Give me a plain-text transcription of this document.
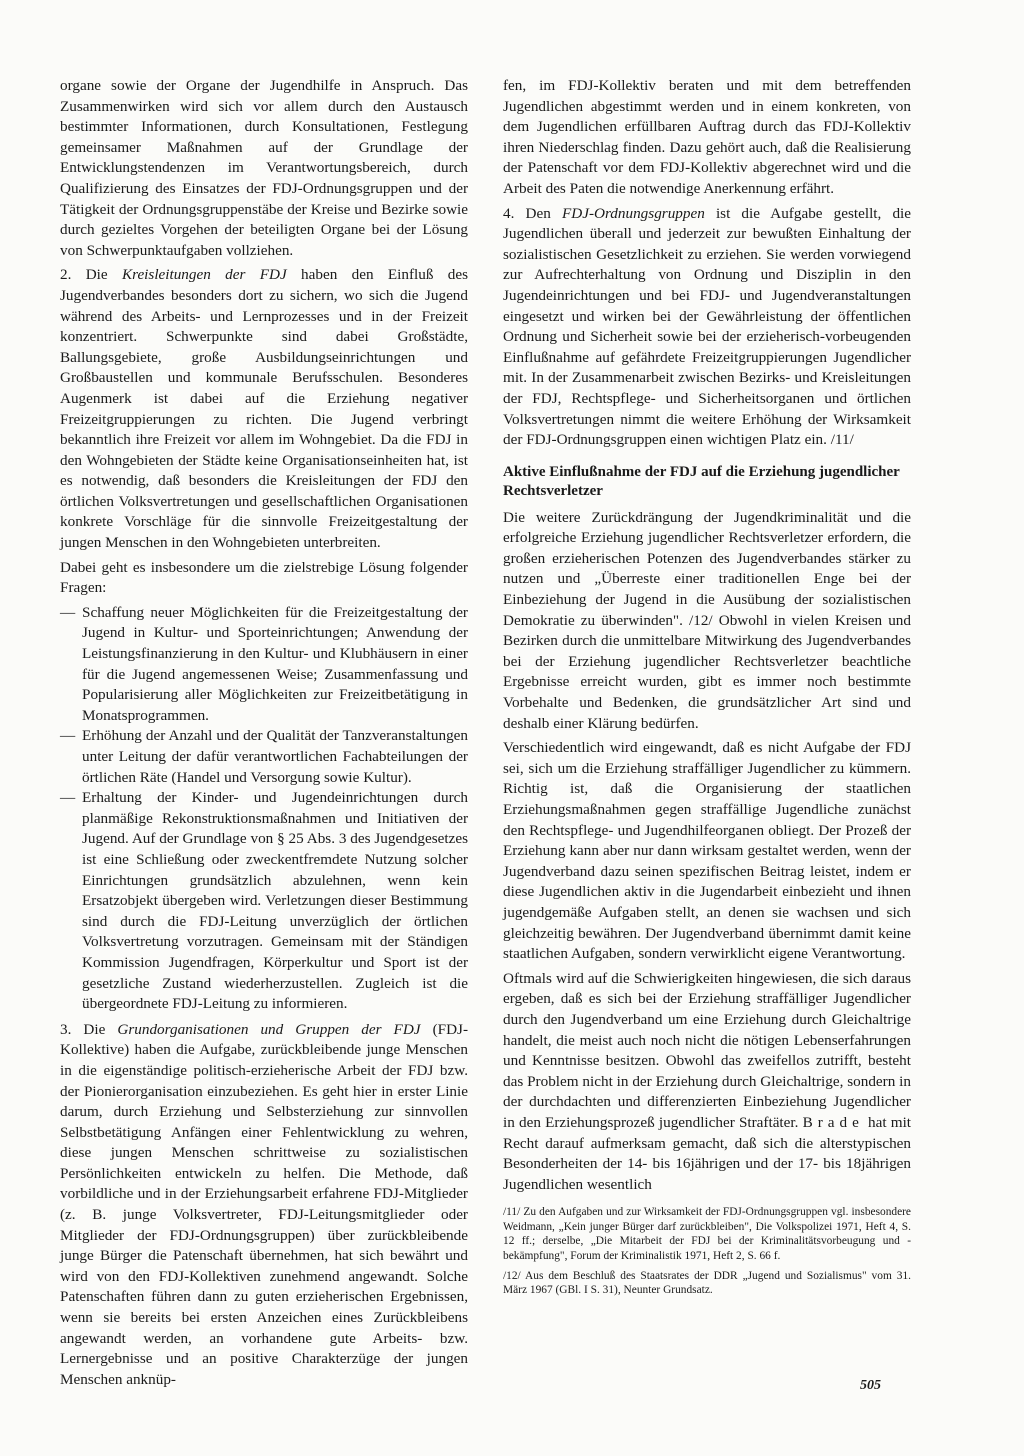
organe sowie der Organe der Jugendhilfe in Anspruch. Das Zusammenwirken wird sich vor allem durch den Austausch bestimmter Informationen, durch Konsultationen, Festlegung gemeinsamer Maßnahmen auf der Grundlage der Entwicklungstendenzen im Verantwortungsbereich, durch Qualifizierung des Einsatzes der FDJ-Ordnungsgruppen und der Tätigkeit der Ordnungsgruppenstäbe der Kreise und Bezirke sowie durch gezieltes Vorgehen der beteiligten Organe bei der Lösung von Schwerpunktaufgaben vollziehen.

2. Die Kreisleitungen der FDJ haben den Einfluß des Jugendverbandes besonders dort zu sichern, wo sich die Jugend während des Arbeits- und Lernprozesses und in der Freizeit konzentriert. Schwerpunkte sind dabei Großstädte, Ballungsgebiete, große Ausbildungseinrichtungen und Großbaustellen und kommunale Berufsschulen. Besonderes Augenmerk ist dabei auf die Erziehung negativer Freizeitgruppierungen zu richten. Die Jugend verbringt bekanntlich ihre Freizeit vor allem im Wohngebiet. Da die FDJ in den Wohngebieten der Städte keine Organisationseinheiten hat, ist es notwendig, daß besonders die Kreisleitungen der FDJ den örtlichen Volksvertretungen und gesellschaftlichen Organisationen konkrete Vorschläge für die sinnvolle Freizeitgestaltung der jungen Menschen in den Wohngebieten unterbreiten.

Dabei geht es insbesondere um die zielstrebige Lösung folgender Fragen:

— Schaffung neuer Möglichkeiten für die Freizeitgestaltung der Jugend in Kultur- und Sporteinrichtungen; Anwendung der Leistungsfinanzierung in den Kultur- und Klubhäusern in einer für die Jugend angemessenen Weise; Zusammenfassung und Popularisierung aller Möglichkeiten zur Freizeitbetätigung in Monatsprogrammen.
— Erhöhung der Anzahl und der Qualität der Tanzveranstaltungen unter Leitung der dafür verantwortlichen Fachabteilungen der örtlichen Räte (Handel und Versorgung sowie Kultur).
— Erhaltung der Kinder- und Jugendeinrichtungen durch planmäßige Rekonstruktionsmaßnahmen und Initiativen der Jugend. Auf der Grundlage von § 25 Abs. 3 des Jugendgesetzes ist eine Schließung oder zweckentfremdete Nutzung solcher Einrichtungen grundsätzlich abzulehnen, wenn kein Ersatzobjekt übergeben wird. Verletzungen dieser Bestimmung sind durch die FDJ-Leitung unverzüglich der örtlichen Volksvertretung vorzutragen. Gemeinsam mit der Ständigen Kommission Jugendfragen, Körperkultur und Sport ist der gesetzliche Zustand wiederherzustellen. Zugleich ist die übergeordnete FDJ-Leitung zu informieren.

3. Die Grundorganisationen und Gruppen der FDJ (FDJ-Kollektive) haben die Aufgabe, zurückbleibende junge Menschen in die eigenständige politisch-erzieherische Arbeit der FDJ bzw. der Pionierorganisation einzubeziehen. Es geht hier in erster Linie darum, durch Erziehung und Selbsterziehung zur sinnvollen Selbstbetätigung Anfängen einer Fehlentwicklung zu wehren, diese jungen Menschen schrittweise zu sozialistischen Persönlichkeiten entwickeln zu helfen. Die Methode, daß vorbildliche und in der Erziehungsarbeit erfahrene FDJ-Mitglieder (z. B. junge Volksvertreter, FDJ-Leitungsmitglieder oder Mitglieder der FDJ-Ordnungsgruppen) über zurückbleibende junge Bürger die Patenschaft übernehmen, hat sich bewährt und wird von den FDJ-Kollektiven zunehmend angewandt. Solche Patenschaften führen dann zu guten erzieherischen Ergebnissen, wenn sie bereits bei ersten Anzeichen eines Zurückbleibens angewandt werden, an vorhandene gute Arbeits- bzw. Lernergebnisse und an positive Charakterzüge der jungen Menschen anknüp-

fen, im FDJ-Kollektiv beraten und mit dem betreffenden Jugendlichen abgestimmt werden und in einem konkreten, von dem Jugendlichen erfüllbaren Auftrag durch das FDJ-Kollektiv ihren Niederschlag finden. Dazu gehört auch, daß die Realisierung der Patenschaft vor dem FDJ-Kollektiv abgerechnet wird und die Arbeit des Paten die notwendige Anerkennung erfährt.

4. Den FDJ-Ordnungsgruppen ist die Aufgabe gestellt, die Jugendlichen überall und jederzeit zur bewußten Einhaltung der sozialistischen Gesetzlichkeit zu erziehen. Sie werden vorwiegend zur Aufrechterhaltung von Ordnung und Disziplin in den Jugendeinrichtungen und bei FDJ- und Jugendveranstaltungen eingesetzt und wirken bei der Gewährleistung der öffentlichen Ordnung und Sicherheit sowie bei der erzieherisch-vorbeugenden Einflußnahme auf gefährdete Freizeitgruppierungen Jugendlicher mit. In der Zusammenarbeit zwischen Bezirks- und Kreisleitungen der FDJ, Rechtspflege- und Sicherheitsorganen und örtlichen Volksvertretungen nimmt die weitere Erhöhung der Wirksamkeit der FDJ-Ordnungsgruppen einen wichtigen Platz ein. /11/

Aktive Einflußnahme der FDJ auf die Erziehung jugendlicher Rechtsverletzer

Die weitere Zurückdrängung der Jugendkriminalität und die erfolgreiche Erziehung jugendlicher Rechtsverletzer erfordern, die großen erzieherischen Potenzen des Jugendverbandes stärker zu nutzen und „Überreste einer traditionellen Enge bei der Einbeziehung der Jugend in die Ausübung der sozialistischen Demokratie zu überwinden". /12/ Obwohl in vielen Kreisen und Bezirken durch die unmittelbare Mitwirkung des Jugendverbandes bei der Erziehung jugendlicher Rechtsverletzer beachtliche Ergebnisse erreicht wurden, gibt es immer noch bestimmte Vorbehalte und Bedenken, die grundsätzlicher Art sind und deshalb einer Klärung bedürfen.

Verschiedentlich wird eingewandt, daß es nicht Aufgabe der FDJ sei, sich um die Erziehung straffälliger Jugendlicher zu kümmern. Richtig ist, daß die Organisierung der staatlichen Erziehungsmaßnahmen gegen straffällige Jugendliche zunächst den Rechtspflege- und Jugendhilfeorganen obliegt. Der Prozeß der Erziehung kann aber nur dann wirksam gestaltet werden, wenn der Jugendverband dazu seinen spezifischen Beitrag leistet, indem er diese Jugendlichen aktiv in die Jugendarbeit einbezieht und ihnen jugendgemäße Aufgaben stellt, an denen sie wachsen und sich gleichzeitig bewähren. Der Jugendverband übernimmt damit keine staatlichen Aufgaben, sondern verwirklicht eigene Verantwortung.

Oftmals wird auf die Schwierigkeiten hingewiesen, die sich daraus ergeben, daß es sich bei der Erziehung straffälliger Jugendlicher durch den Jugendverband um eine Erziehung durch Gleichaltrige handelt, die meist auch noch nicht die nötigen Lebenserfahrungen und Kenntnisse besitzen. Obwohl das zweifellos zutrifft, besteht das Problem nicht in der Erziehung durch Gleichaltrige, sondern in der durchdachten und differenzierten Einbeziehung Jugendlicher in den Erziehungsprozeß jugendlicher Straftäter. Brade hat mit Recht darauf aufmerksam gemacht, daß sich die alterstypischen Besonderheiten der 14- bis 16jährigen und der 17- bis 18jährigen Jugendlichen wesentlich

/11/ Zu den Aufgaben und zur Wirksamkeit der FDJ-Ordnungsgruppen vgl. insbesondere Weidmann, „Kein junger Bürger darf zurückbleiben", Die Volkspolizei 1971, Heft 4, S. 12 ff.; derselbe, „Die Mitarbeit der FDJ bei der Kriminalitätsvorbeugung und -bekämpfung", Forum der Kriminalistik 1971, Heft 2, S. 66 f.

/12/ Aus dem Beschluß des Staatsrates der DDR „Jugend und Sozialismus" vom 31. März 1967 (GBl. I S. 31), Neunter Grundsatz.

505
